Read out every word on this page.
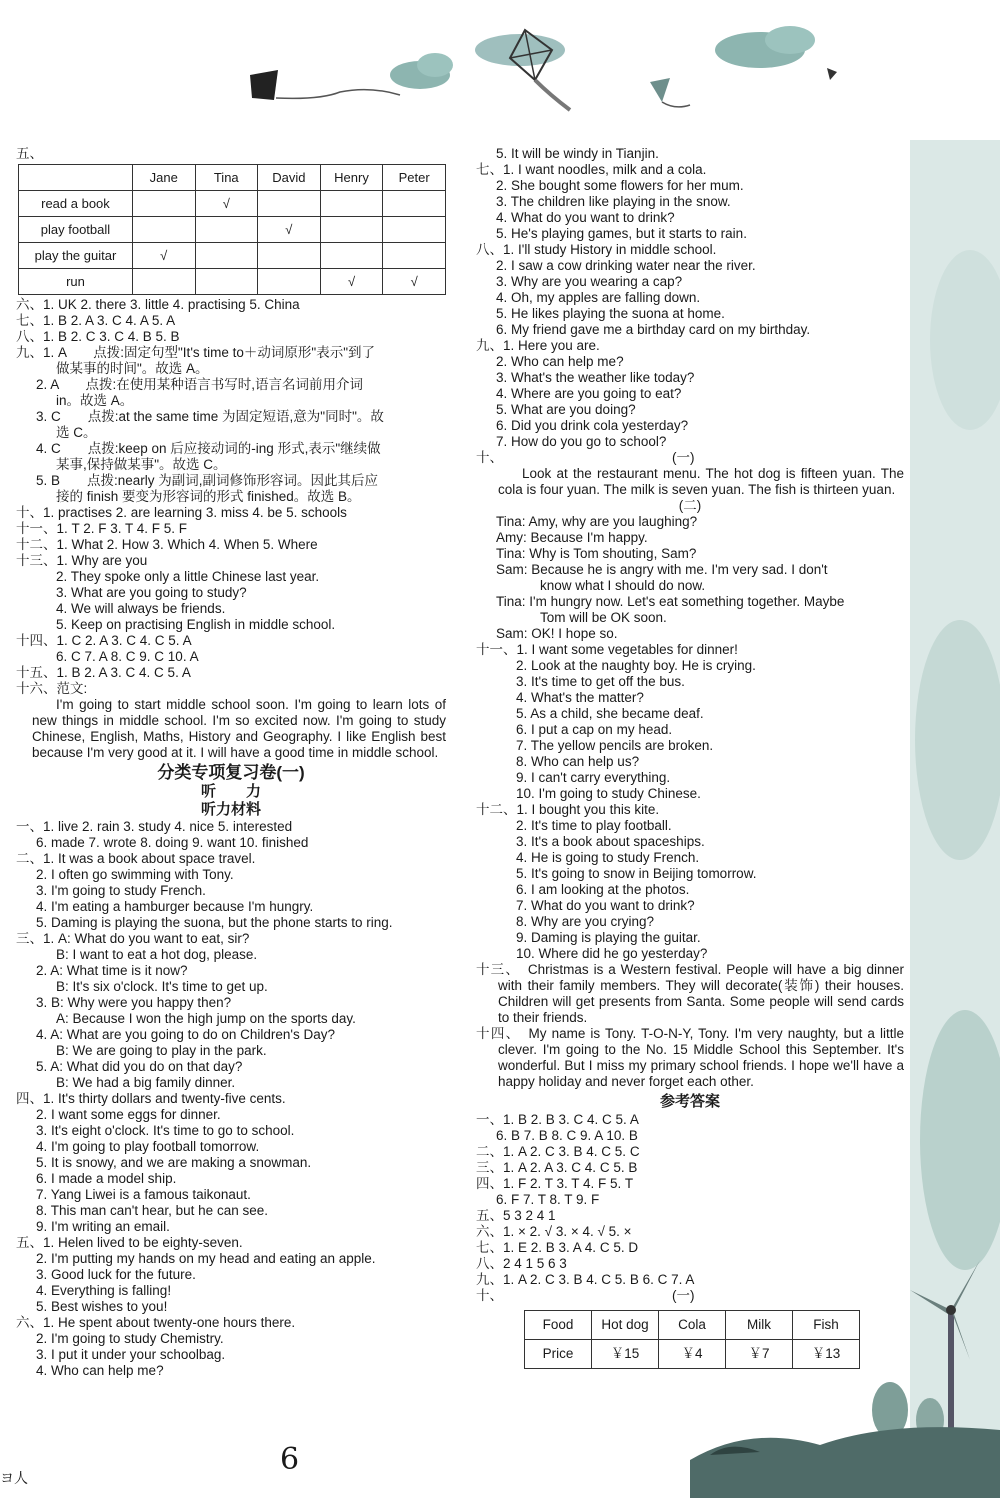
五、
	Jane	Tina	David	Henry	Peter
read a book		√			
play football			√		
play the guitar	√				
run				√	√
六、1. UK 2. there 3. little 4. practising 5. China
七、1. B 2. A 3. C 4. A 5. A
八、1. B 2. C 3. C 4. B 5. B
九、1. A　　点拨:固定句型"It's time to＋动词原形"表示"到了
做某事的时间"。故选 A。
2. A　　点拨:在使用某种语言书写时,语言名词前用介词
in。故选 A。
3. C　　点拨:at the same time 为固定短语,意为"同时"。故
选 C。
4. C　　点拨:keep on 后应接动词的-ing 形式,表示"继续做
某事,保持做某事"。故选 C。
5. B　　点拨:nearly 为副词,副词修饰形容词。因此其后应
接的 finish 要变为形容词的形式 finished。故选 B。
十、1. practises 2. are learning 3. miss 4. be 5. schools
十一、1. T 2. F 3. T 4. F 5. F
十二、1. What 2. How 3. Which 4. When 5. Where
十三、1. Why are you
2. They spoke only a little Chinese last year.
3. What are you going to study?
4. We will always be friends.
5. Keep on practising English in middle school.
十四、1. C 2. A 3. C 4. C 5. A
6. C 7. A 8. C 9. C 10. A
十五、1. B 2. A 3. C 4. C 5. A
十六、范文:
I'm going to start middle school soon. I'm going to learn lots of new things in middle school. I'm so excited now. I'm going to study Chinese, English, Maths, History and Geography. I like English best because I'm very good at it. I will have a good time in middle school.
分类专项复习卷(一)
听　　力
听力材料
一、1. live 2. rain 3. study 4. nice 5. interested
6. made 7. wrote 8. doing 9. want 10. finished
二、1. It was a book about space travel.
2. I often go swimming with Tony.
3. I'm going to study French.
4. I'm eating a hamburger because I'm hungry.
5. Daming is playing the suona, but the phone starts to ring.
三、1. A: What do you want to eat, sir?
B: I want to eat a hot dog, please.
2. A: What time is it now?
B: It's six o'clock. It's time to get up.
3. B: Why were you happy then?
A: Because I won the high jump on the sports day.
4. A: What are you going to do on Children's Day?
B: We are going to play in the park.
5. A: What did you do on that day?
B: We had a big family dinner.
四、1. It's thirty dollars and twenty-five cents.
2. I want some eggs for dinner.
3. It's eight o'clock. It's time to go to school.
4. I'm going to play football tomorrow.
5. It is snowy, and we are making a snowman.
6. I made a model ship.
7. Yang Liwei is a famous taikonaut.
8. This man can't hear, but he can see.
9. I'm writing an email.
五、1. Helen lived to be eighty-seven.
2. I'm putting my hands on my head and eating an apple.
3. Good luck for the future.
4. Everything is falling!
5. Best wishes to you!
六、1. He spent about twenty-one hours there.
2. I'm going to study Chemistry.
3. I put it under your schoolbag.
4. Who can help me?
5. It will be windy in Tianjin.
七、1. I want noodles, milk and a cola.
2. She bought some flowers for her mum.
3. The children like playing in the snow.
4. What do you want to drink?
5. He's playing games, but it starts to rain.
八、1. I'll study History in middle school.
2. I saw a cow drinking water near the river.
3. Why are you wearing a cap?
4. Oh, my apples are falling down.
5. He likes playing the suona at home.
6. My friend gave me a birthday card on my birthday.
九、1. Here you are.
2. Who can help me?
3. What's the weather like today?
4. Where are you going to eat?
5. What are you doing?
6. Did you drink cola yesterday?
7. How do you go to school?
十、	(一)
Look at the restaurant menu. The hot dog is fifteen yuan. The cola is four yuan. The milk is seven yuan. The fish is thirteen yuan.
(二)
Tina: Amy, why are you laughing?
Amy: Because I'm happy.
Tina: Why is Tom shouting, Sam?
Sam: Because he is angry with me. I'm very sad. I don't
know what I should do now.
Tina: I'm hungry now. Let's eat something together. Maybe
Tom will be OK soon.
Sam: OK! I hope so.
十一、1. I want some vegetables for dinner!
2. Look at the naughty boy. He is crying.
3. It's time to get off the bus.
4. What's the matter?
5. As a child, she became deaf.
6. I put a cap on my head.
7. The yellow pencils are broken.
8. Who can help us?
9. I can't carry everything.
10. I'm going to study Chinese.
十二、1. I bought you this kite.
2. It's time to play football.
3. It's a book about spaceships.
4. He is going to study French.
5. It's going to snow in Beijing tomorrow.
6. I am looking at the photos.
7. What do you want to drink?
8. Why are you crying?
9. Daming is playing the guitar.
10. Where did he go yesterday?
十三、　Christmas is a Western festival. People will have a big dinner with their family members. They will decorate(装饰) their houses. Children will get presents from Santa. Some people will send cards to their friends.
十四、　My name is Tony. T-O-N-Y, Tony. I'm very naughty, but a little clever. I'm going to the No. 15 Middle School this September. It's wonderful. But I miss my primary school friends. I hope we'll have a happy holiday and never forget each other.
参考答案
一、1. B 2. B 3. C 4. C 5. A
6. B 7. B 8. C 9. A 10. B
二、1. A 2. C 3. B 4. C 5. C
三、1. A 2. A 3. C 4. C 5. B
四、1. F 2. T 3. T 4. F 5. T
6. F 7. T 8. T 9. F
五、5 3 2 4 1
六、1. × 2. √ 3. × 4. √ 5. ×
七、1. E 2. B 3. A 4. C 5. D
八、2 4 1 5 6 3
九、1. A 2. C 3. B 4. C 5. B 6. C 7. A
十、	(一)
Food	Hot dog	Cola	Milk	Fish
Price	￥15	￥4	￥7	￥13
6
ヨ人
